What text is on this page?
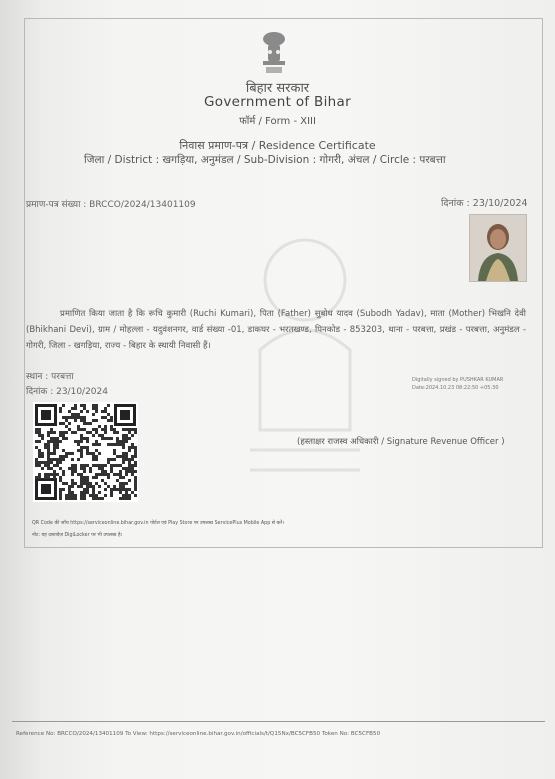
बिहार सरकार
Government of Bihar
फॉर्म / Form - XIII
निवास प्रमाण-पत्र / Residence Certificate
जिला / District : खगड़िया, अनुमंडल / Sub-Division : गोगरी, अंचल / Circle : परबत्ता
प्रमाण-पत्र संख्या : BRCCO/2024/13401109	दिनांक : 23/10/2024
प्रमाणित किया जाता है कि रूचि कुमारी (Ruchi Kumari), पिता (Father) सुबोध यादव (Subodh Yadav), माता (Mother) भिखनि देवी (Bhikhani Devi), ग्राम / मोहल्ला - यदुवंशनगर, वार्ड संख्या -01, डाकघर - भरतखण्ड, पिनकोड - 853203, थाना - परबत्ता, प्रखंड - परबत्ता, अनुमंडल - गोगरी, जिला - खगड़िया, राज्य - बिहार के स्थायी निवासी हैं।
स्थान : परबत्ता
दिनांक : 23/10/2024
Digitally signed by PUSHKAR KUMAR
Date:2024.10.23 08:22:50 +05:30
(हस्ताक्षर राजस्व अधिकारी / Signature Revenue Officer )
QR Code की जाँच https://serviceonline.bihar.gov.in पोर्टल एवं Play Store पर उपलब्ध ServicePlus Mobile App से करें।
नोट: यह दस्तावेज़ DigiLocker पर भी उपलब्ध है।
Reference No: BRCCO/2024/13401109 To View: https://serviceonline.bihar.gov.in/officials/t/Q15Nx/BC5CFB50 Token No: BC5CFB50
